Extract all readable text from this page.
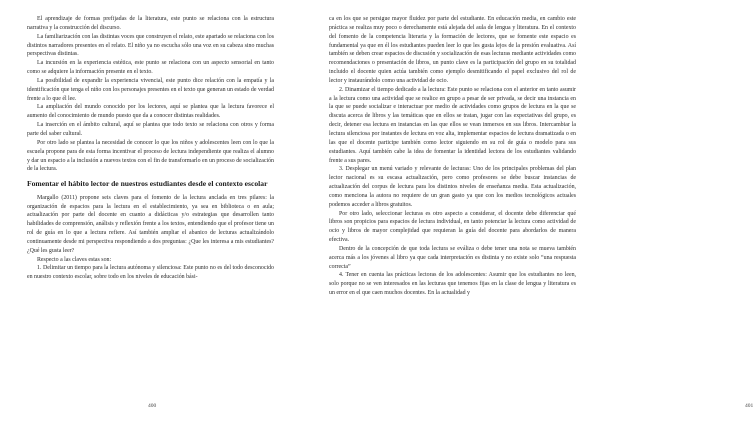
El aprendizaje de formas prefijadas de la literatura, este punto se relaciona con la estructura narrativa y la construcción del discurso.

La familiarización con las distintas voces que construyen el relato, este apartado se relaciona con los distintos narradores presentes en el relato. El niño ya no escucha sólo una voz en su cabeza sino muchas perspectivas distintas.

La incursión en la experiencia estética, este punto se relaciona con un aspecto sensorial en tanto como se adquiere la información presente en el texto.

La posibilidad de expandir la experiencia vivencial, este punto dice relación con la empatía y la identificación que tenga el niño con los personajes presentes en el texto que generan un estado de verdad frente a lo que él lee.

La ampliación del mundo conocido por los lectores, aquí se plantea que la lectura favorece el aumento del conocimiento de mundo puesto que da a conocer distintas realidades.

La inserción en el ámbito cultural, aquí se plantea que todo texto se relaciona con otros y forma parte del saber cultural.

Por otro lado se plantea la necesidad de conocer lo que los niños y adolescentes leen con lo que la escuela propone para de esta forma incentivar el proceso de lectura independiente que realiza el alumno y dar un espacio a la inclusión a nuevos textos con el fin de transformarlo en un proceso de socialización de la lectura.

Fomentar el hábito lector de nuestros estudiantes desde el contexto escolar

Margallo (2011) propone seis claves para el fomento de la lectura anclada en tres pilares: la organización de espacios para la lectura en el establecimiento, ya sea en biblioteca o en aula; actualización por parte del docente en cuanto a didácticas y/o estrategias que desarrollen tanto habilidades de comprensión, análisis y reflexión frente a los textos, entendiendo que el profesor tiene un rol de guía en lo que a lectura refiere. Así también ampliar el abanico de lecturas actualizándolo continuamente desde mi perspectiva respondiendo a dos preguntas: ¿Que les interesa a mis estudiantes? ¿Qué les gusta leer?

Respecto a las claves estas son:

1. Delimitar un tiempo para la lectura autónoma y silenciosa: Este punto no es del todo desconocido en nuestro contexto escolar, sobre todo en los niveles de educación bási-

400

ca en los que se persigue mayor fluidez por parte del estudiante. En educación media, en cambio este práctica se realiza muy poco o derechamente está alejada del aula de lengua y literatura. En el contexto del fomento de la competencia literaria y la formación de lectores, que se fomente este espacio es fundamental ya que en él los estudiantes pueden leer lo que les gusta lejos de la presión evaluativa. Así también se deben crear espacios de discusión y socialización de esas lecturas mediante actividades como recomendaciones o presentación de libros, un punto clave es la participación del grupo en su totalidad incluido el docente quien actúa también como ejemplo desmitificando el papel exclusivo del rol de lector y instaurándolo como una actividad de ocio.

2. Dinamizar el tiempo dedicado a la lectura: Este punto se relaciona con el anterior en tanto asumir a la lectura como una actividad que se realice en grupo a pesar de ser privada, se decir una instancia en la que se puede socializar e interactuar por medio de actividades como grupos de lectura en la que se discuta acerca de libros y las temáticas que en ellos se tratan, jugar con las expectativas del grupo, es decir, detener esa lectura en instancias en las que ellos se vean inmersos en sus libros. Intercambiar la lectura silenciosa por instantes de lectura en voz alta, implementar espacios de lectura dramatizada o en las que el docente participe también como lector siguiendo en su rol de guía o modelo para sus estudiantes. Aquí también cabe la idea de fomentar la identidad lectora de los estudiantes validando frente a sus pares.

3. Desplegar un menú variado y relevante de lecturas: Uno de los principales problemas del plan lector nacional es su escasa actualización, pero como profesores se debe buscar instancias de actualización del corpus de lectura para los distintos niveles de enseñanza media. Esta actualización, como menciona la autora no requiere de un gran gasto ya que con los medios tecnológicos actuales podemos acceder a libros gratuitos.

Por otro lado, seleccionar lecturas es otro aspecto a considerar, el docente debe diferenciar qué libros son propicios para espacios de lectura individual, en tanto potenciar la lectura como actividad de ocio y libros de mayor complejidad que requieran la guía del docente para abordarlos de manera efectiva.

Dentro de la concepción de que toda lectura se eváliza o debe tener una nota se mueva también acerca más a los jóvenes al libro ya que cada interpretación es distinta y no existe solo “una respuesta correcta”

4. Tener en cuenta las prácticas lectoras de los adolescentes: Asumir que los estudiantes no leen, solo porque no se ven interesados en las lecturas que tenemos fijas en la clase de lengua y literatura es un error en el que caen muchos docentes. En la actualidad y

401
